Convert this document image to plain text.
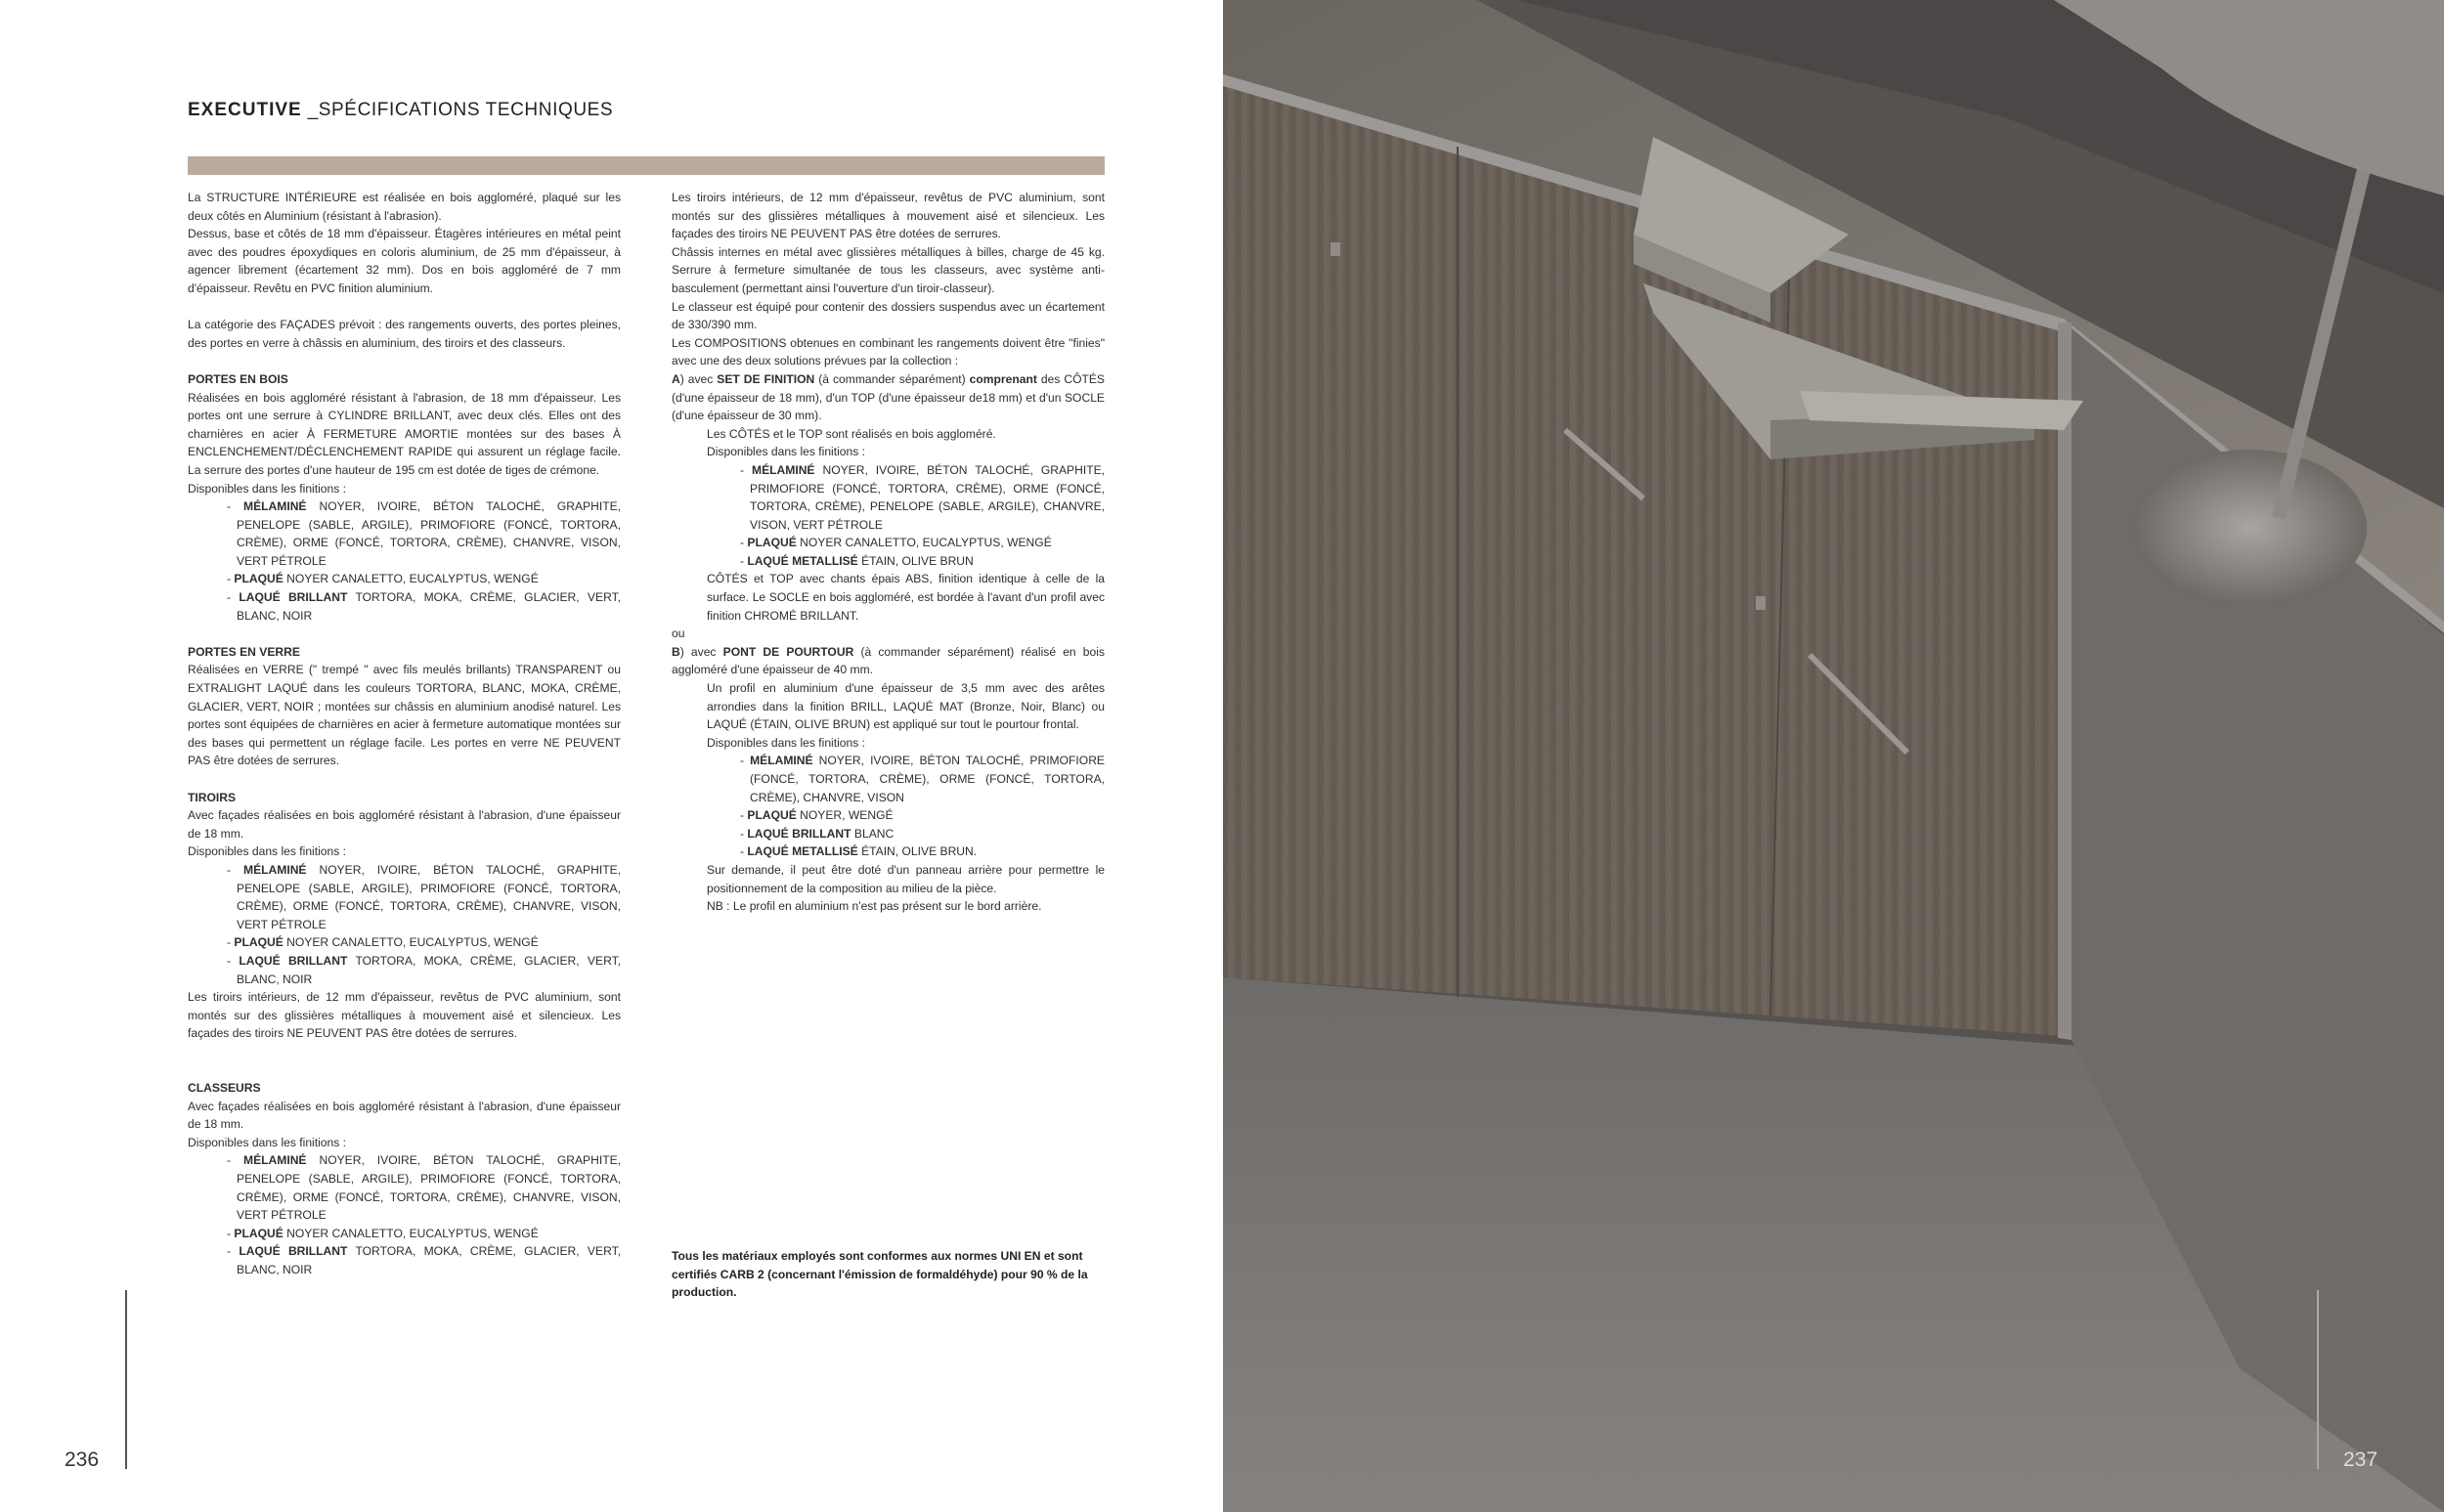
EXECUTIVE _SPÉCIFICATIONS TECHNIQUES

La STRUCTURE INTÉRIEURE est réalisée en bois aggloméré, plaqué sur les deux côtés en Aluminium (résistant à l'abrasion).

Dessus, base et côtés de 18 mm d'épaisseur. Étagères intérieures en métal peint avec des poudres époxydiques en coloris aluminium, de 25 mm d'épaisseur, à agencer librement (écartement 32 mm). Dos en bois aggloméré de 7 mm d'épaisseur. Revêtu en PVC finition aluminium.

La catégorie des FAÇADES prévoit : des rangements ouverts, des portes pleines, des portes en verre à châssis en aluminium, des tiroirs et des classeurs.

PORTES EN BOIS

Réalisées en bois aggloméré résistant à l'abrasion, de 18 mm d'épaisseur. Les portes ont une serrure à CYLINDRE BRILLANT, avec deux clés. Elles ont des charnières en acier À FERMETURE AMORTIE montées sur des bases À ENCLENCHEMENT/DÉCLENCHEMENT RAPIDE qui assurent un réglage facile. La serrure des portes d'une hauteur de 195 cm est dotée de tiges de crémone.

Disponibles dans les finitions :

- MÉLAMINÉ NOYER, IVOIRE, BÉTON TALOCHÉ, GRAPHITE, PENELOPE (SABLE, ARGILE), PRIMOFIORE (FONCÉ, TORTORA, CRÈME), ORME (FONCÉ, TORTORA, CRÈME), CHANVRE, VISON, VERT PÉTROLE

- PLAQUÉ NOYER CANALETTO, EUCALYPTUS, WENGÉ

- LAQUÉ BRILLANT TORTORA, MOKA, CRÈME, GLACIER, VERT, BLANC, NOIR

PORTES EN VERRE

Réalisées en VERRE (" trempé " avec fils meulés brillants) TRANSPARENT ou EXTRALIGHT LAQUÉ dans les couleurs TORTORA, BLANC, MOKA, CRÈME, GLACIER, VERT, NOIR ; montées sur châssis en aluminium anodisé naturel. Les portes sont équipées de charnières en acier à fermeture automatique montées sur des bases qui permettent un réglage facile. Les portes en verre NE PEUVENT PAS être dotées de serrures.

TIROIRS

Avec façades réalisées en bois aggloméré résistant à l'abrasion, d'une épaisseur de 18 mm.

Disponibles dans les finitions :

- MÉLAMINÉ NOYER, IVOIRE, BÉTON TALOCHÉ, GRAPHITE, PENELOPE (SABLE, ARGILE), PRIMOFIORE (FONCÉ, TORTORA, CRÈME), ORME (FONCÉ, TORTORA, CRÈME), CHANVRE, VISON, VERT PÉTROLE

- PLAQUÉ NOYER CANALETTO, EUCALYPTUS, WENGÉ

- LAQUÉ BRILLANT TORTORA, MOKA, CRÈME, GLACIER, VERT, BLANC, NOIR

Les tiroirs intérieurs, de 12 mm d'épaisseur, revêtus de PVC aluminium, sont montés sur des glissières métalliques à mouvement aisé et silencieux. Les façades des tiroirs NE PEUVENT PAS être dotées de serrures.

CLASSEURS

Avec façades réalisées en bois aggloméré résistant à l'abrasion, d'une épaisseur de 18 mm.

Disponibles dans les finitions :

- MÉLAMINÉ NOYER, IVOIRE, BÉTON TALOCHÉ, GRAPHITE, PENELOPE (SABLE, ARGILE), PRIMOFIORE (FONCÉ, TORTORA, CRÈME), ORME (FONCÉ, TORTORA, CRÈME), CHANVRE, VISON, VERT PÉTROLE

- PLAQUÉ NOYER CANALETTO, EUCALYPTUS, WENGÉ

- LAQUÉ BRILLANT TORTORA, MOKA, CRÈME, GLACIER, VERT, BLANC, NOIR

Les tiroirs intérieurs, de 12 mm d'épaisseur, revêtus de PVC aluminium, sont montés sur des glissières métalliques à mouvement aisé et silencieux. Les façades des tiroirs NE PEUVENT PAS être dotées de serrures.

Châssis internes en métal avec glissières métalliques à billes, charge de 45 kg. Serrure à fermeture simultanée de tous les classeurs, avec système anti-basculement (permettant ainsi l'ouverture d'un tiroir-classeur).

Le classeur est équipé pour contenir des dossiers suspendus avec un écartement de 330/390 mm.

Les COMPOSITIONS obtenues en combinant les rangements doivent être "finies" avec une des deux solutions prévues par la collection :

A) avec SET DE FINITION (à commander séparément) comprenant des CÔTÉS (d'une épaisseur de 18 mm), d'un TOP (d'une épaisseur de18 mm) et d'un SOCLE (d'une épaisseur de 30 mm).

Les CÔTÉS et le TOP sont réalisés en bois aggloméré.

Disponibles dans les finitions :

- MÉLAMINÉ NOYER, IVOIRE, BÉTON TALOCHÉ, GRAPHITE, PRIMOFIORE (FONCÉ, TORTORA, CRÈME), ORME (FONCÉ, TORTORA, CRÈME), PENELOPE (SABLE, ARGILE), CHANVRE, VISON, VERT PÉTROLE

- PLAQUÉ NOYER CANALETTO, EUCALYPTUS, WENGÉ

- LAQUÉ METALLISÉ ÉTAIN, OLIVE BRUN

CÔTÉS et TOP avec chants épais ABS, finition identique à celle de la surface. Le SOCLE en bois aggloméré, est bordée à l'avant d'un profil avec finition CHROMÉ BRILLANT.

ou

B) avec PONT DE POURTOUR (à commander séparément) réalisé en bois aggloméré d'une épaisseur de 40 mm.

Un profil en aluminium d'une épaisseur de 3,5 mm avec des arêtes arrondies dans la finition BRILL, LAQUÉ MAT (Bronze, Noir, Blanc) ou LAQUÉ (ÉTAIN, OLIVE BRUN) est appliqué sur tout le pourtour frontal.

Disponibles dans les finitions :

- MÉLAMINÉ NOYER, IVOIRE, BÉTON TALOCHÉ, PRIMOFIORE (FONCÉ, TORTORA, CRÈME), ORME (FONCÉ, TORTORA, CRÈME), CHANVRE, VISON

- PLAQUÉ NOYER, WENGÉ

- LAQUÉ BRILLANT BLANC

- LAQUÉ METALLISÉ ÉTAIN, OLIVE BRUN.

Sur demande, il peut être doté d'un panneau arrière pour permettre le positionnement de la composition au milieu de la pièce.

NB : Le profil en aluminium n'est pas présent sur le bord arrière.

Tous les matériaux employés sont conformes aux normes UNI EN et sont certifiés CARB 2 (concernant l'émission de formaldéhyde) pour 90 % de la production.
236	237
